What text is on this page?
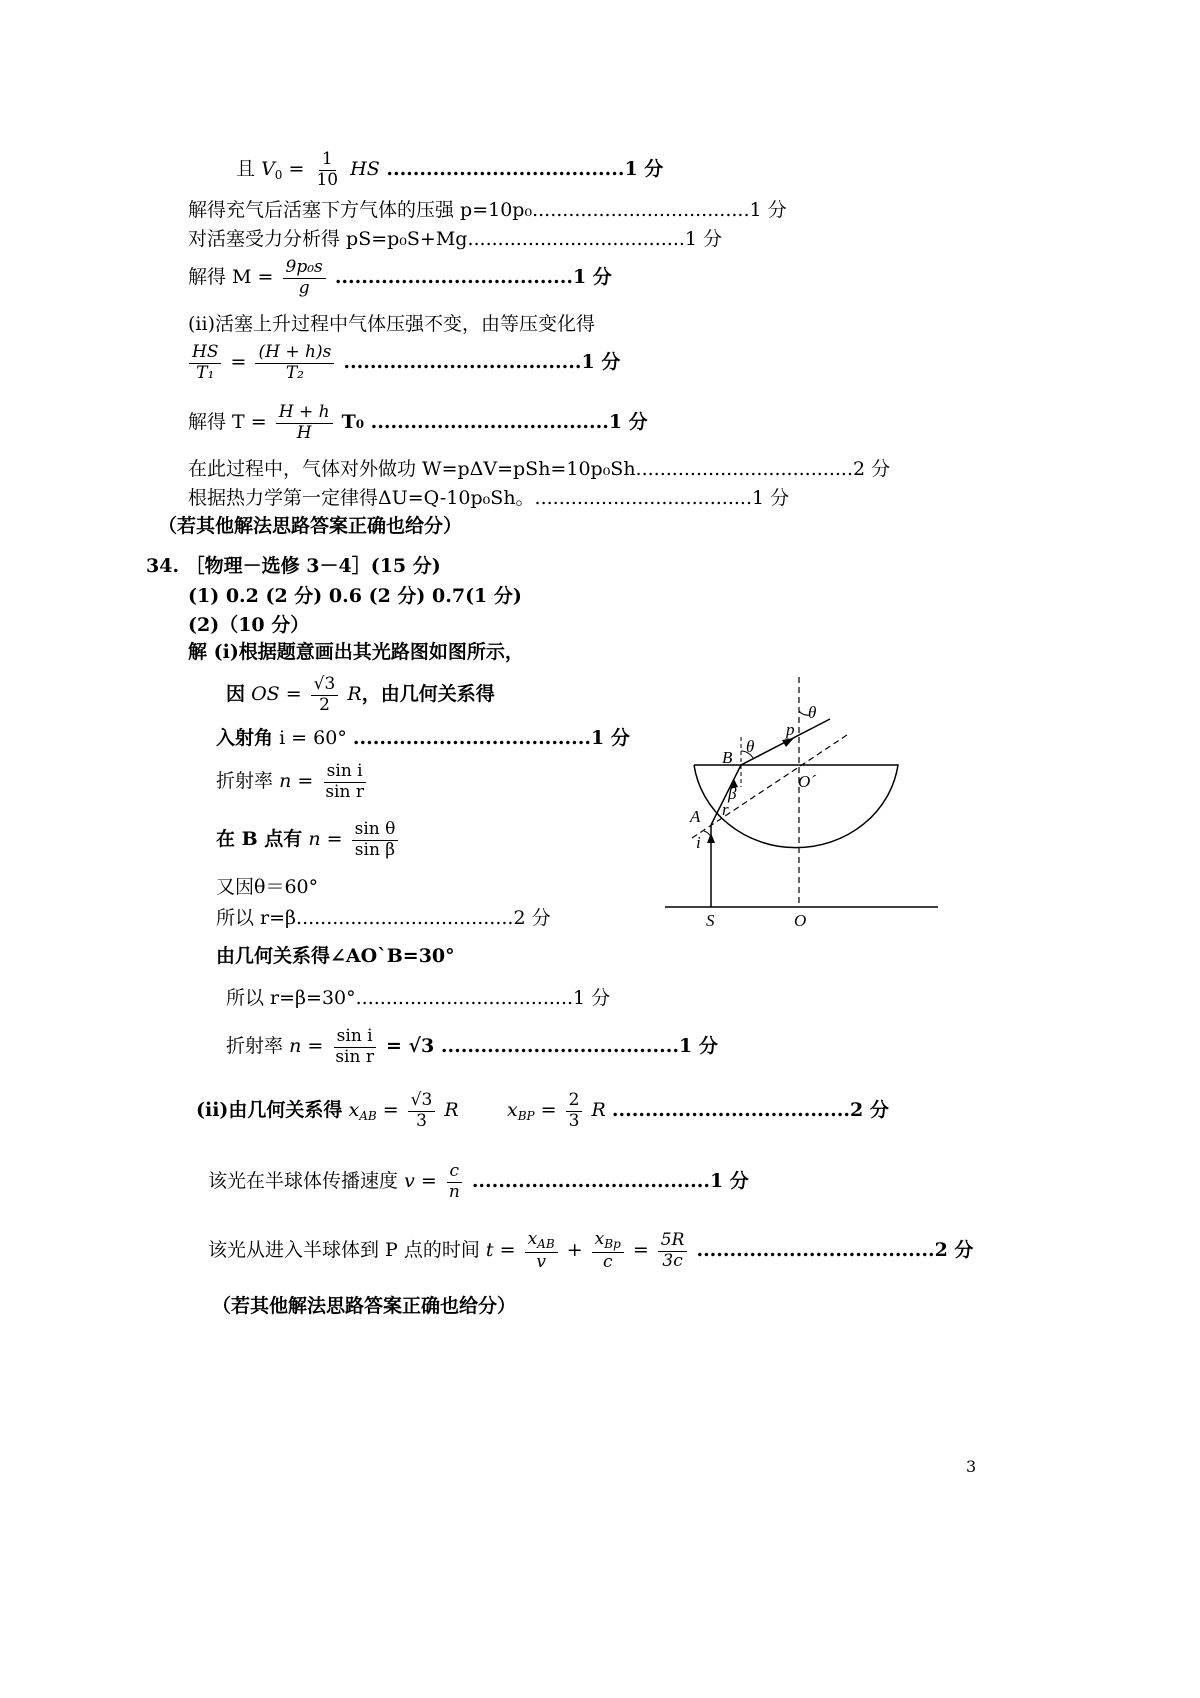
且 $V_0 = \frac{1}{10}$ HS ....................................1 分
解得充气后活塞下方气体的压强 p=10p₀....................................1 分
对活塞受力分析得 pS=p₀S+Mg....................................1 分
解得 $M = \frac{\text{9p₀s}}{g} ....................................1$ 分
(ii)活塞上升过程中气体压强不变，由等压变化得
$\frac{HS}{\text{T₁}} = \frac{(H + h)s}{\text{T₂}} ....................................1$ 分
解得 $T = \frac{H + h}{H} T_0$ ....................................1 分
在此过程中，气体对外做功 W=pΔV=pSh=10p₀Sh....................................2 分
根据热力学第一定律得ΔU=Q-10p₀Sh。....................................1 分
（若其他解法思路答案正确也给分）
34. ［物理－选修 3－4］(15 分)
(1) 0.2 (2 分) 0.6 (2 分) 0.7(1 分)
(2)（10 分）
解 (i)根据题意画出其光路图如图所示，
因 OS = $\frac{√3}{2}$ R，由几何关系得
入射角 i = 60° ....................................1 分
折射率 $n = \frac{\text{sin i}}{\text{sin r}}$
在 B 点有 $n = \frac{\text{sin θ}}{\text{sin β}}$
又因θ＝60°
所以 r=β....................................2 分
由几何关系得∠AO`B=30°
所以 r=β=30°....................................1 分
折射率 $n = \frac{\text{sin i}}{\text{sin r}} = √3$ ....................................1 分
(ii)由几何关系得 $x_{AB} = \frac{√3}{3}$ R	$x_{BP} = \frac{2}{3}$ R ....................................2 分
该光在半球体传播速度 $v = \frac{c}{n} ....................................1$ 分
该光从进入半球体到 P 点的时间 $t = \frac{x_{AB}}{v} + \frac{x_{Bp}}{c} = \frac{5R}{3c} ....................................2$ 分
（若其他解法思路答案正确也给分）
θ
p
θ
B
O´
β
r
A
i
S	O
3
